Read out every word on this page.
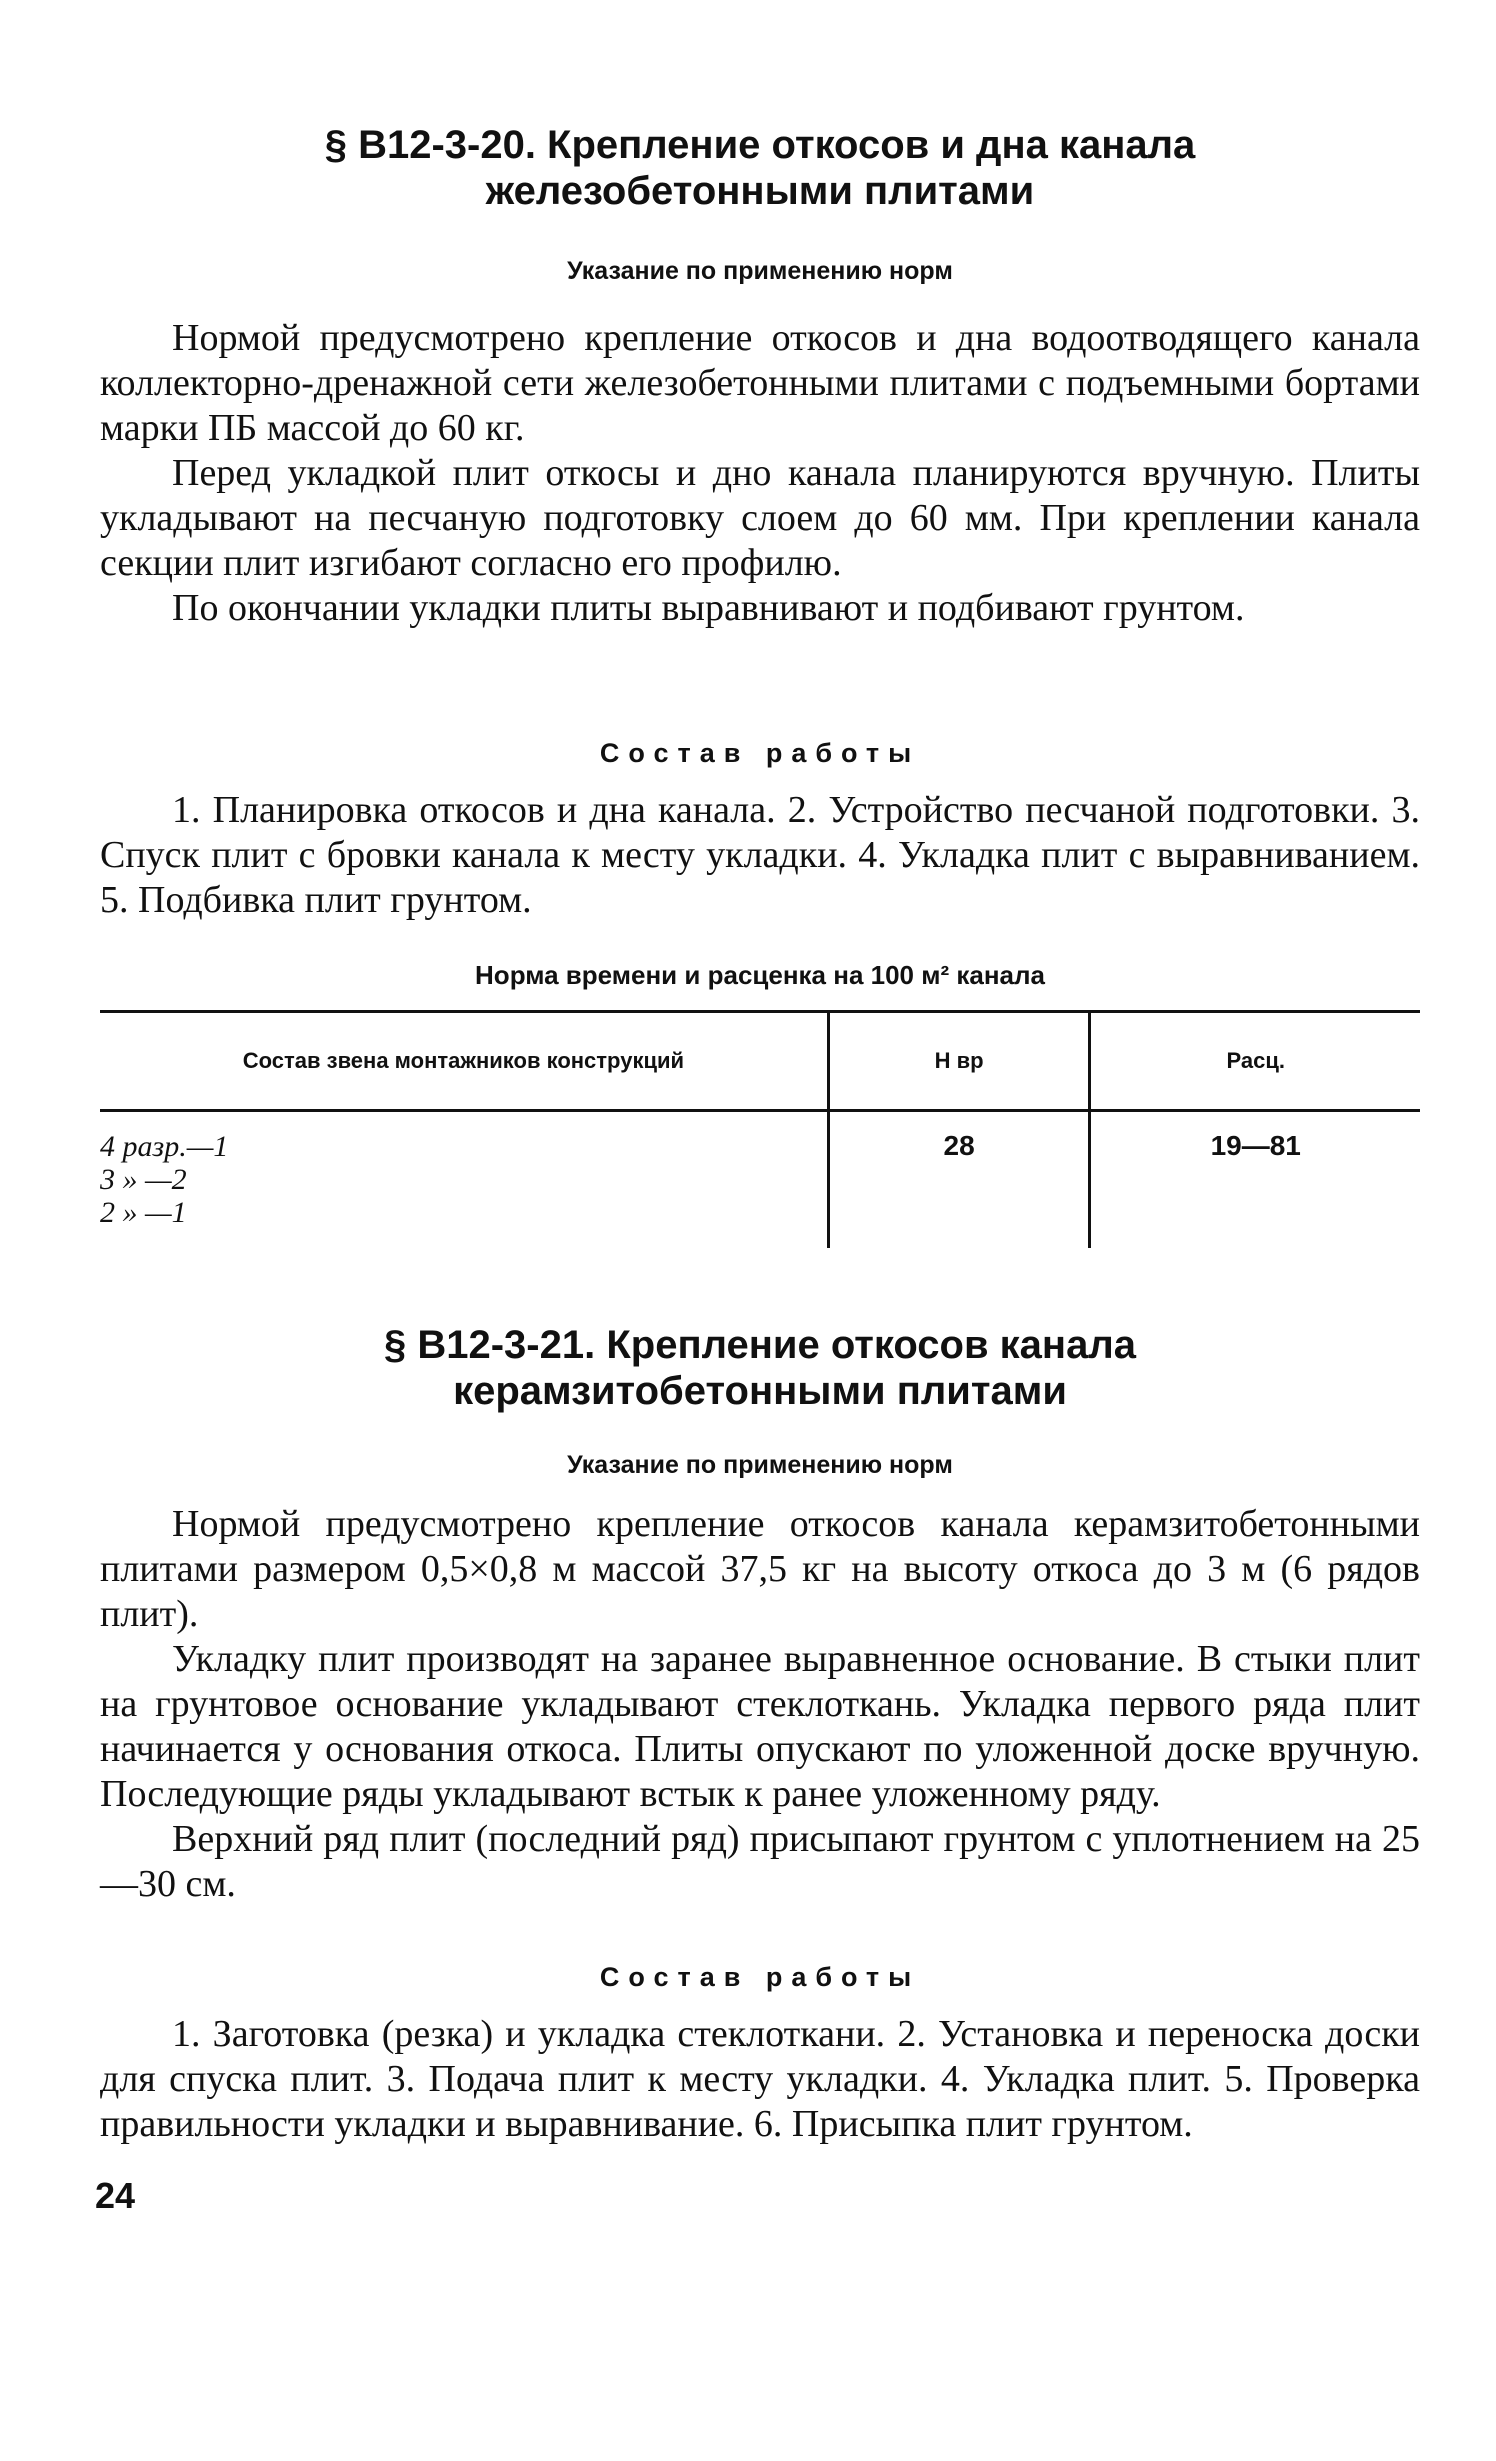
§ В12-3-20. Крепление откосов и дна канала

железобетонными плитами

Указание по применению норм

Нормой предусмотрено крепление откосов и дна водоотводящего канала коллекторно-дренажной сети железобетонными плитами с подъемными бортами марки ПБ массой до 60 кг.

Перед укладкой плит откосы и дно канала планируются вручную. Плиты укладывают на песчаную подготовку слоем до 60 мм. При креплении канала секции плит изгибают согласно его профилю.

По окончании укладки плиты выравнивают и подбивают грунтом.

Состав работы

1. Планировка откосов и дна канала. 2. Устройство песчаной подготовки. 3. Спуск плит с бровки канала к месту укладки. 4. Укладка плит с выравниванием. 5. Подбивка плит грунтом.

Норма времени и расценка на 100 м² канала

Состав звена монтажников конструкций	Н вр	Расц.

4 разр.—1
3 » —2
2 » —1	28	19—81

§ В12-3-21. Крепление откосов канала

керамзитобетонными плитами

Указание по применению норм

Нормой предусмотрено крепление откосов канала керамзитобетонными плитами размером 0,5×0,8 м массой 37,5 кг на высоту откоса до 3 м (6 рядов плит).

Укладку плит производят на заранее выравненное основание. В стыки плит на грунтовое основание укладывают стеклоткань. Укладка первого ряда плит начинается у основания откоса. Плиты опускают по уложенной доске вручную. Последующие ряды укладывают встык к ранее уложенному ряду.

Верхний ряд плит (последний ряд) присыпают грунтом с уплотнением на 25—30 см.

Состав работы

1. Заготовка (резка) и укладка стеклоткани. 2. Установка и переноска доски для спуска плит. 3. Подача плит к месту укладки. 4. Укладка плит. 5. Проверка правильности укладки и выравнивание. 6. Присыпка плит грунтом.

24
